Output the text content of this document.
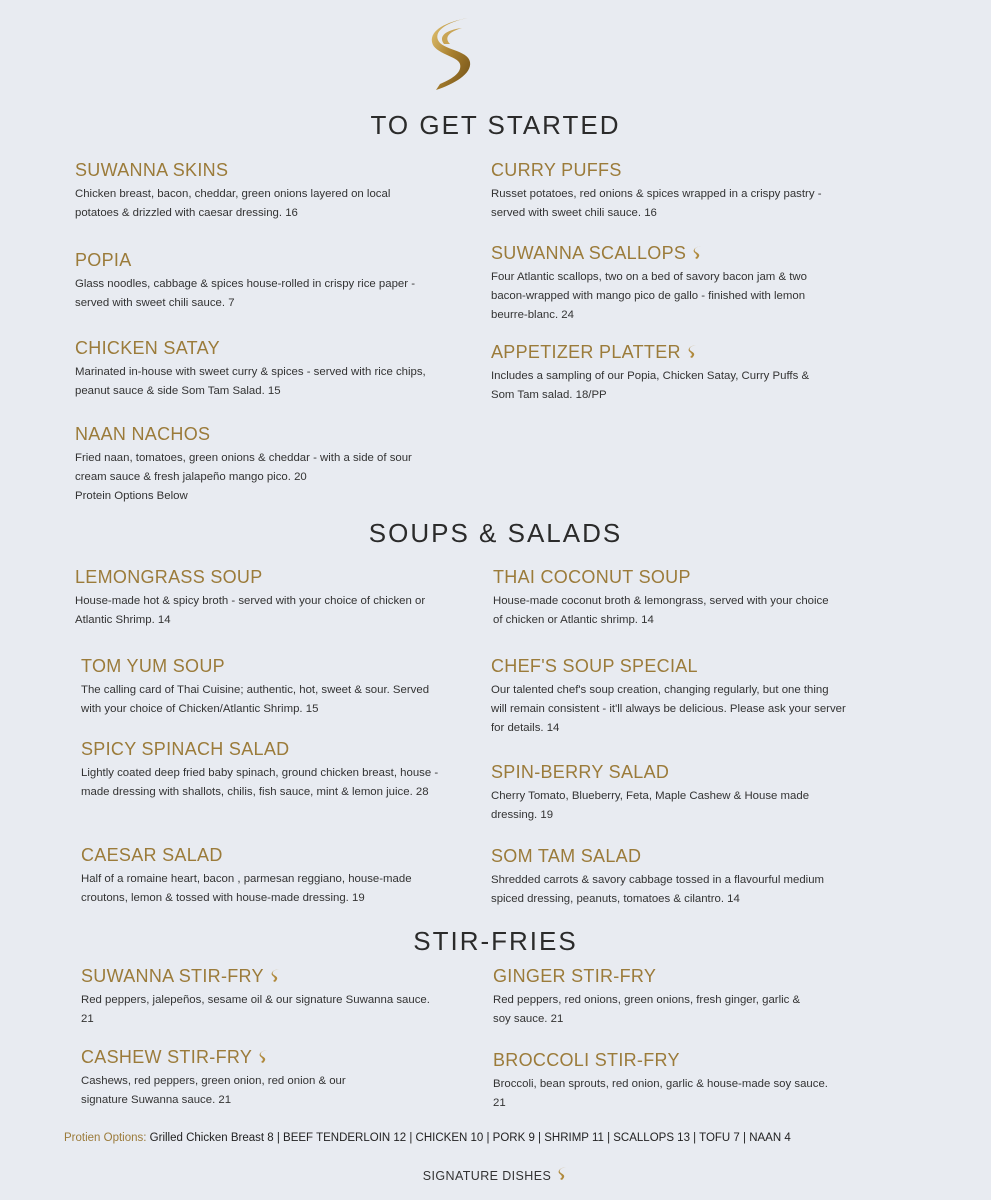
TO GET STARTED
SUWANNA SKINS

Chicken breast, bacon, cheddar, green onions layered on local potatoes & drizzled with caesar dressing. 16

POPIA

Glass noodles, cabbage & spices house-rolled in crispy rice paper - served with sweet chili sauce. 7

CHICKEN SATAY

Marinated in-house with sweet curry & spices - served with rice chips, peanut sauce & side Som Tam Salad. 15

NAAN NACHOS

Fried naan, tomatoes, green onions & cheddar - with a side of sour cream sauce & fresh jalapeño mango pico. 20

Protein Options Below

CURRY PUFFS

Russet potatoes, red onions & spices wrapped in a crispy pastry - served with sweet chili sauce. 16

SUWANNA SCALLOPS

Four Atlantic scallops, two on a bed of savory bacon jam & two bacon-wrapped with mango pico de gallo - finished with lemon beurre-blanc. 24

APPETIZER PLATTER

Includes a sampling of our Popia, Chicken Satay, Curry Puffs & Som Tam salad. 18/PP

SOUPS & SALADS
LEMONGRASS SOUP

House-made hot & spicy broth - served with your choice of chicken or Atlantic Shrimp. 14

TOM YUM SOUP

The calling card of Thai Cuisine; authentic, hot, sweet & sour. Served with your choice of Chicken/Atlantic Shrimp. 15

SPICY SPINACH SALAD

Lightly coated deep fried baby spinach, ground chicken breast, house - made dressing with shallots, chilis, fish sauce, mint & lemon juice. 28

CAESAR SALAD

Half of a romaine heart, bacon , parmesan reggiano, house-made croutons, lemon & tossed with house-made dressing. 19

THAI COCONUT SOUP

House-made coconut broth & lemongrass, served with your choice of chicken or Atlantic shrimp. 14

CHEF'S SOUP SPECIAL

Our talented chef's soup creation, changing regularly, but one thing will remain consistent - it'll always be delicious. Please ask your server for details. 14

SPIN-BERRY SALAD

Cherry Tomato, Blueberry, Feta, Maple Cashew & House made dressing. 19

SOM TAM SALAD

Shredded carrots & savory cabbage tossed in a flavourful medium spiced dressing, peanuts, tomatoes & cilantro. 14

STIR-FRIES
SUWANNA STIR-FRY

Red peppers, jalepeños, sesame oil & our signature Suwanna sauce. 21

CASHEW STIR-FRY

Cashews, red peppers, green onion, red onion & our signature Suwanna sauce. 21

GINGER STIR-FRY

Red peppers, red onions, green onions, fresh ginger, garlic & soy sauce. 21

BROCCOLI STIR-FRY

Broccoli, bean sprouts, red onion, garlic & house-made soy sauce. 21

Protien Options: Grilled Chicken Breast 8 | BEEF TENDERLOIN 12 | CHICKEN 10 | PORK 9 | SHRIMP 11 | SCALLOPS 13 | TOFU 7 | NAAN 4
SIGNATURE DISHES
